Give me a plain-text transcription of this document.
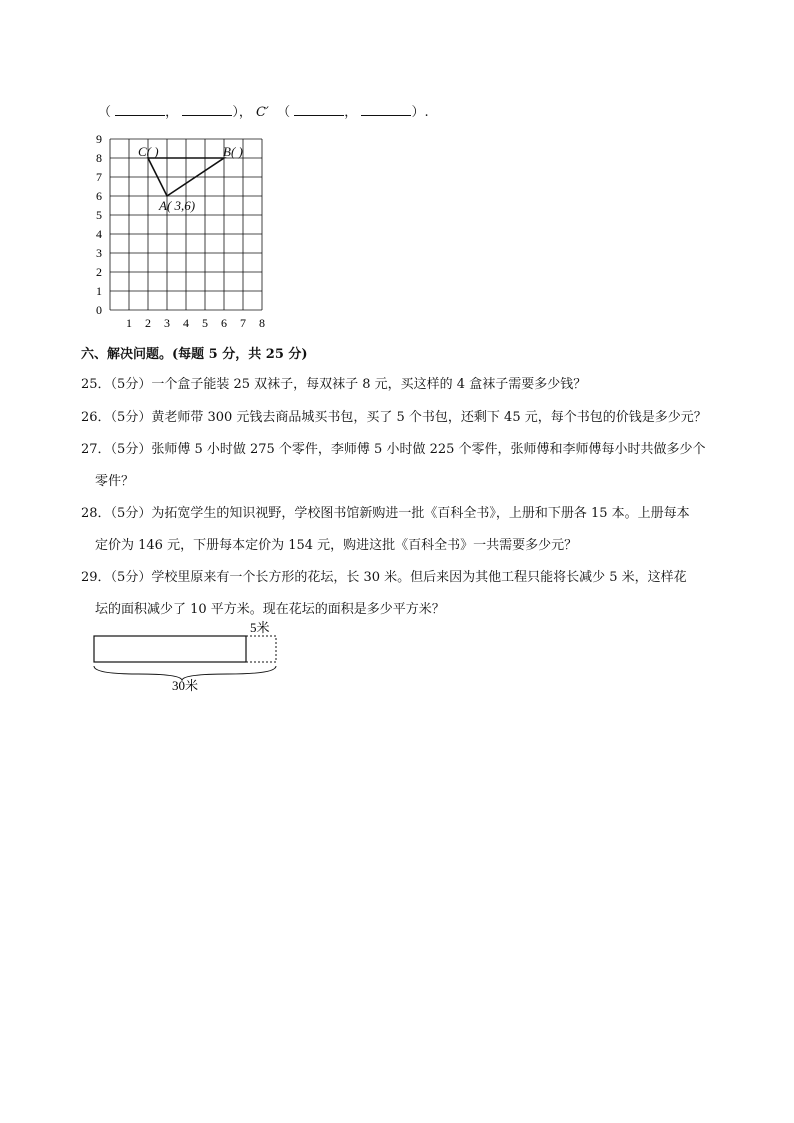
（	，	）， C′ （	，	）.
1 2 3 4 5 6 7 8
0
1
2
3
4
5
6
7
8
9
A( 3,6)
B( )
C( )
六、解决问题。(每题 5 分，共 25 分)
25．（5分）一个盒子能装 25 双袜子，每双袜子 8 元，买这样的 4 盒袜子需要多少钱？
26．（5分）黄老师带 300 元钱去商品城买书包，买了 5 个书包，还剩下 45 元，每个书包的价钱是多少元？
27．（5分）张师傅 5 小时做 275 个零件，李师傅 5 小时做 225 个零件，张师傅和李师傅每小时共做多少个
零件？
28．（5分）为拓宽学生的知识视野，学校图书馆新购进一批《百科全书》，上册和下册各 15 本。上册每本
定价为 146 元，下册每本定价为 154 元，购进这批《百科全书》一共需要多少元？
29．（5分）学校里原来有一个长方形的花坛，长 30 米。但后来因为其他工程只能将长减少 5 米，这样花
坛的面积减少了 10 平方米。现在花坛的面积是多少平方米？
5米
30米
